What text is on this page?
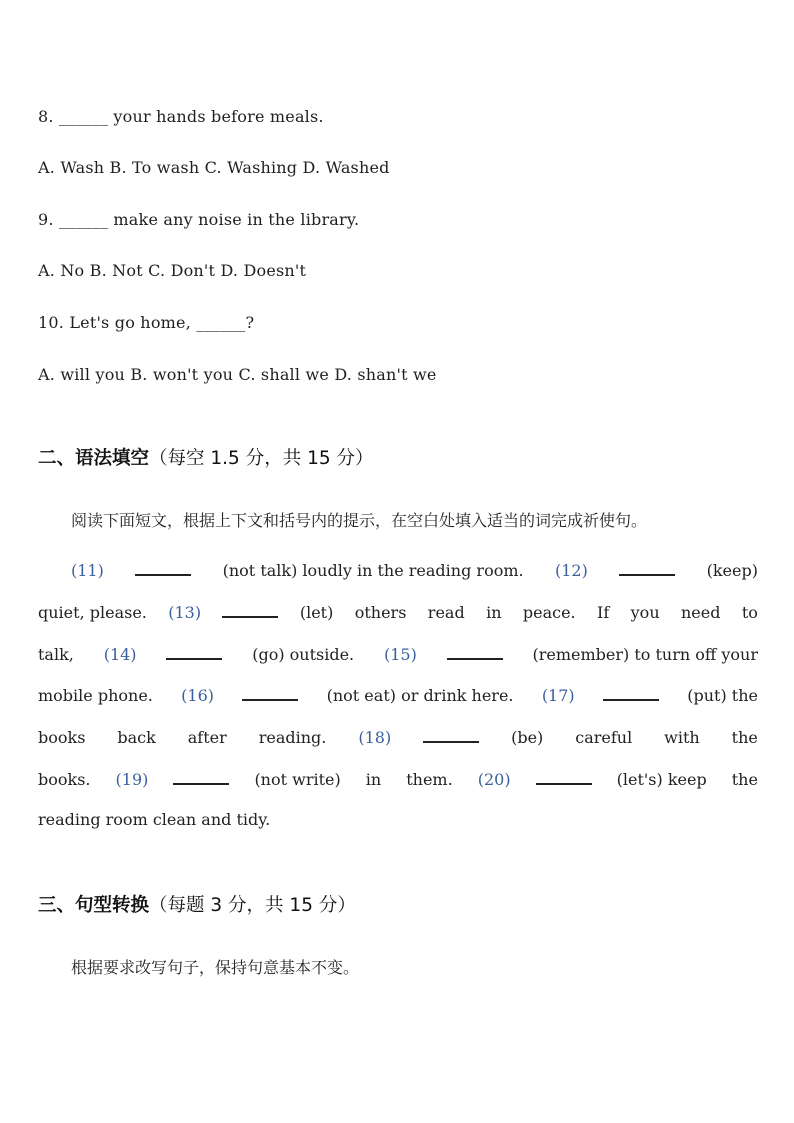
8. ______ your hands before meals.
A. Wash B. To wash C. Washing D. Washed
9. ______ make any noise in the library.
A. No B. Not C. Don't D. Doesn't
10. Let's go home, ______?
A. will you B. won't you C. shall we D. shan't we
二、语法填空（每空 1.5 分，共 15 分）
阅读下面短文，根据上下文和括号内的提示，在空白处填入适当的词完成祈使句。
(11)	(not talk) loudly in the reading room. (12)	(keep)
quiet, please. (13)	(let) others read in peace. If you need to
talk, (14)	(go) outside. (15)	(remember) to turn off your
mobile phone. (16)	(not eat) or drink here. (17)	(put) the
books back after reading. (18)	(be) careful with the
books. (19)	(not write) in them. (20)	(let's) keep the
reading room clean and tidy.
三、句型转换（每题 3 分，共 15 分）
根据要求改写句子，保持句意基本不变。
